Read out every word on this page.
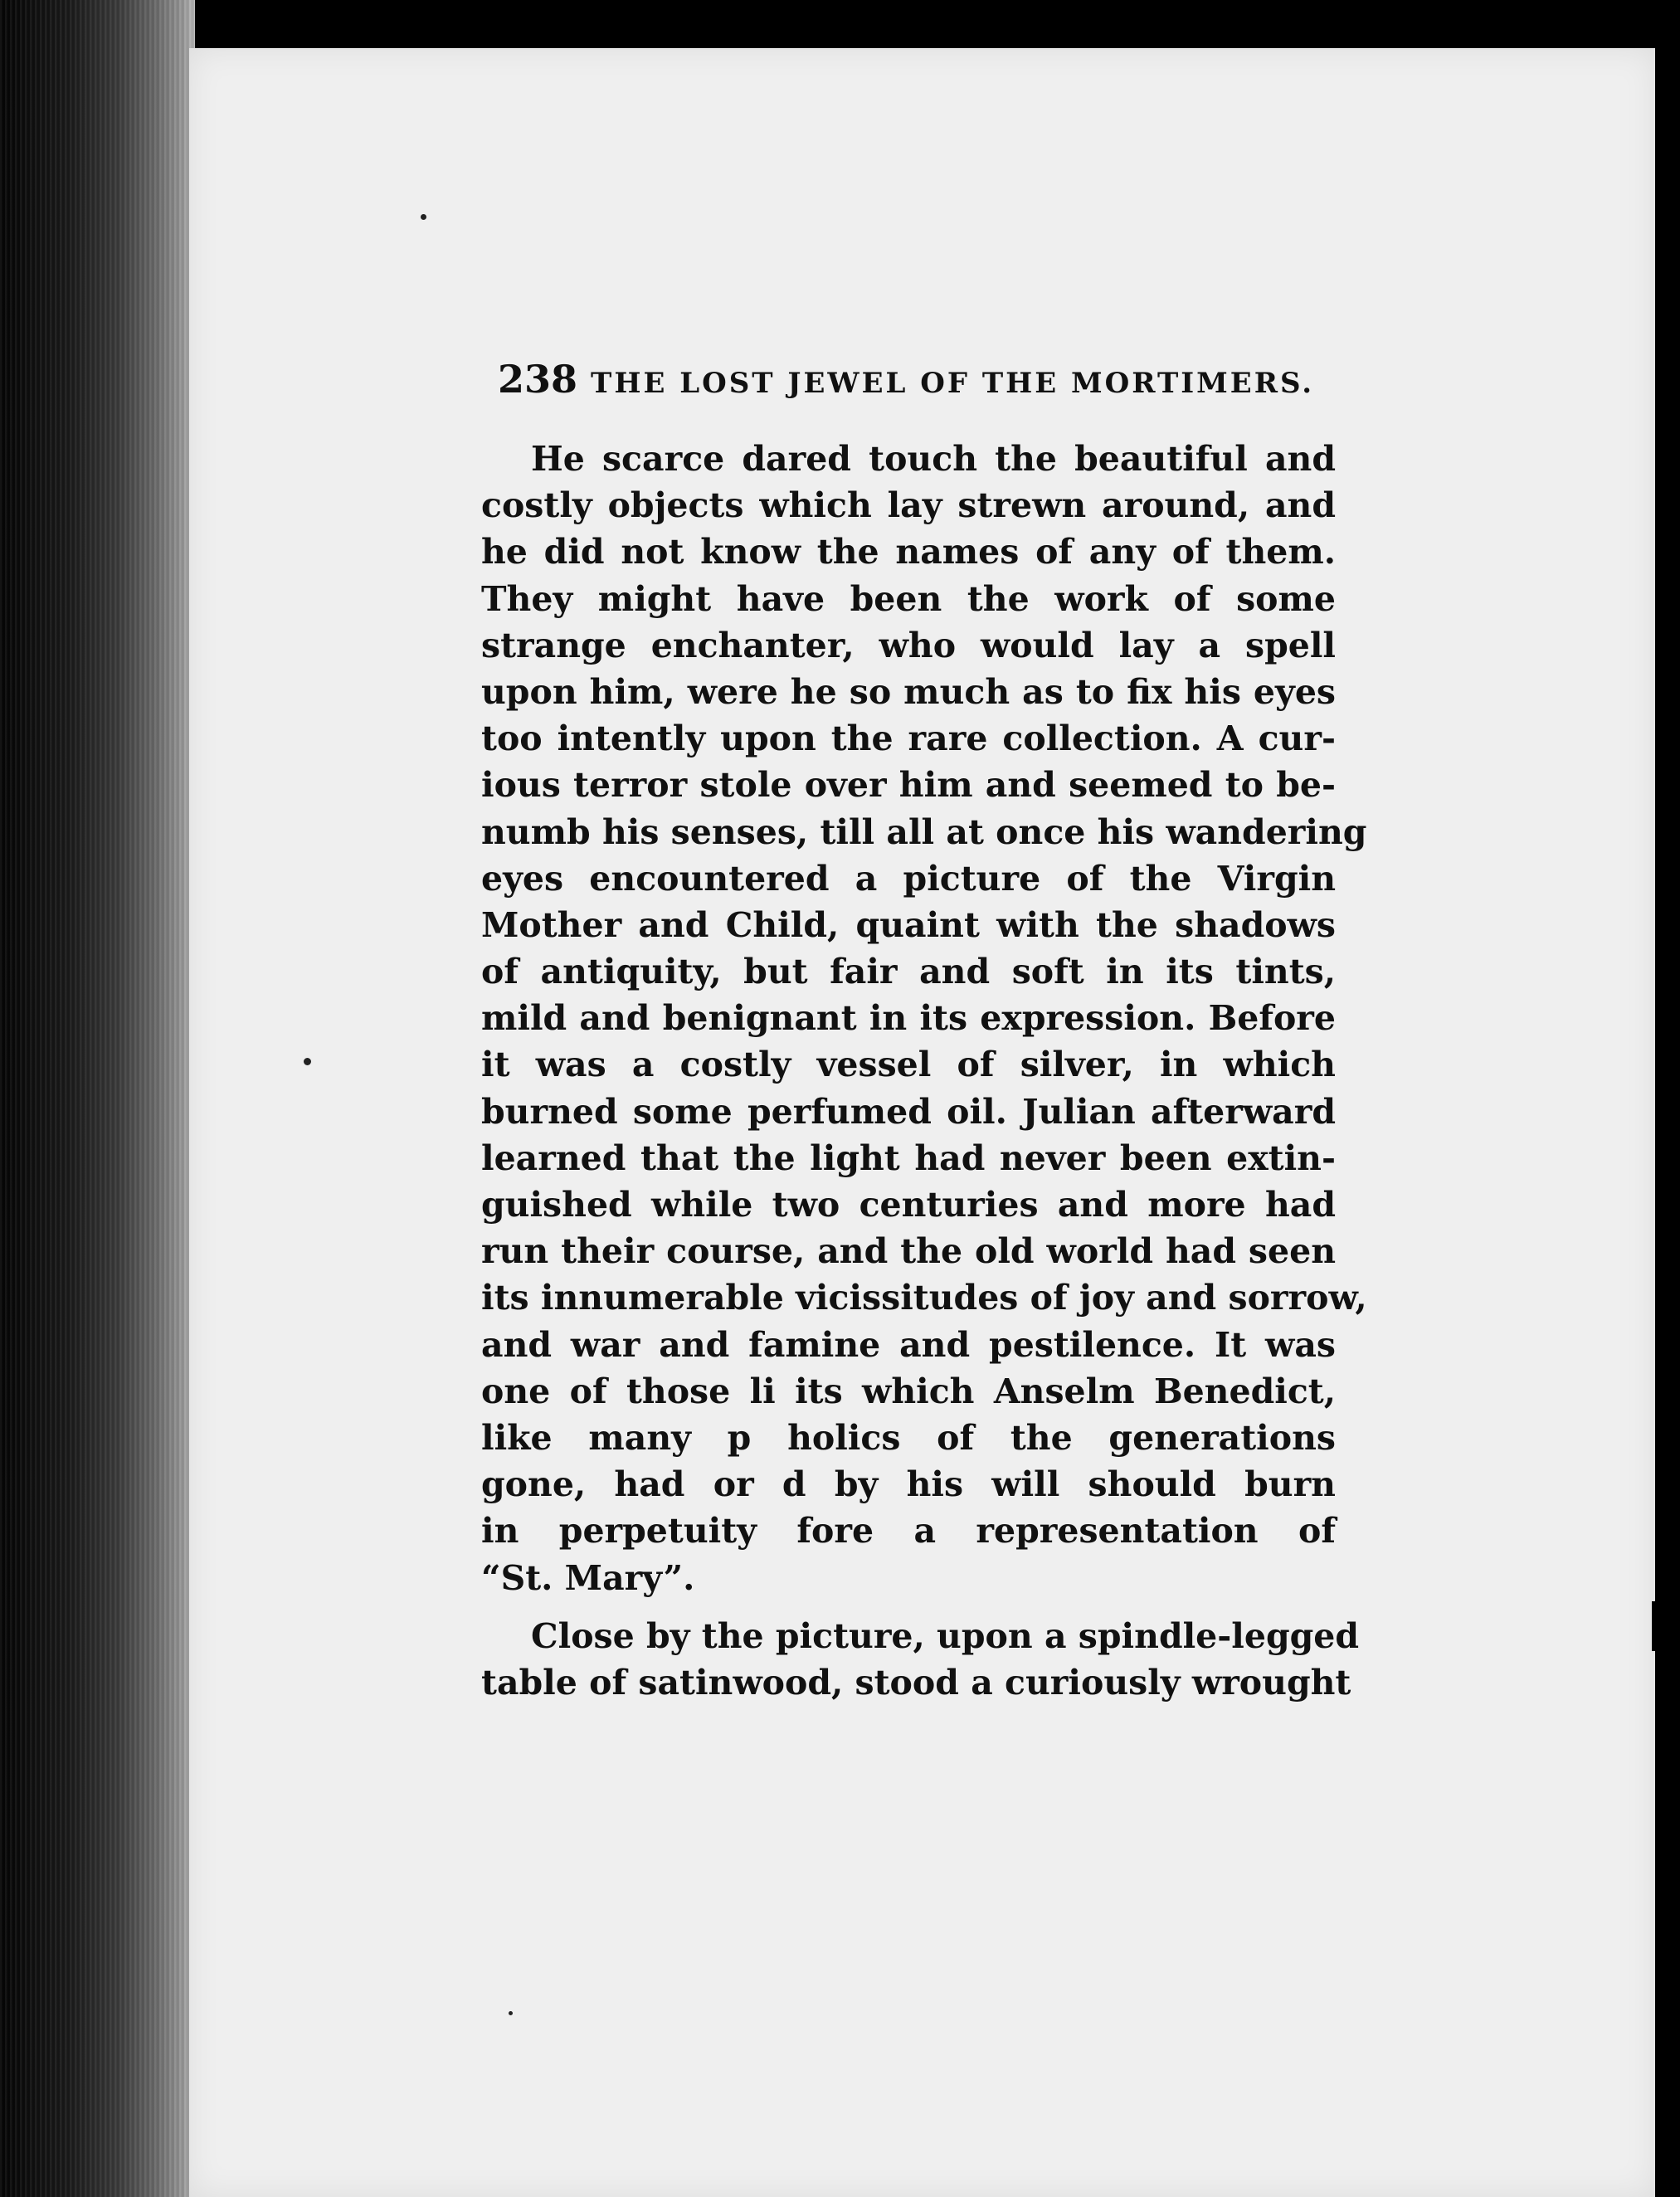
238 THE LOST JEWEL OF THE MORTIMERS.
He scarce dared touch the beautiful and
costly objects which lay strewn around, and
he did not know the names of any of them.
They might have been the work of some
strange enchanter, who would lay a spell
upon him, were he so much as to fix his eyes
too intently upon the rare collection. A cur-
ious terror stole over him and seemed to be-
numb his senses, till all at once his wandering
eyes encountered a picture of the Virgin
Mother and Child, quaint with the shadows
of antiquity, but fair and soft in its tints,
mild and benignant in its expression. Before
it was a costly vessel of silver, in which
burned some perfumed oil. Julian afterward
learned that the light had never been extin-
guished while two centuries and more had
run their course, and the old world had seen
its innumerable vicissitudes of joy and sorrow,
and war and famine and pestilence. It was
one of those li its which Anselm Benedict,
like many p holics of the generations
gone, had or d by his will should burn
in perpetuity fore a representation of
“St. Mary”.
Close by the picture, upon a spindle-legged
table of satinwood, stood a curiously wrought
